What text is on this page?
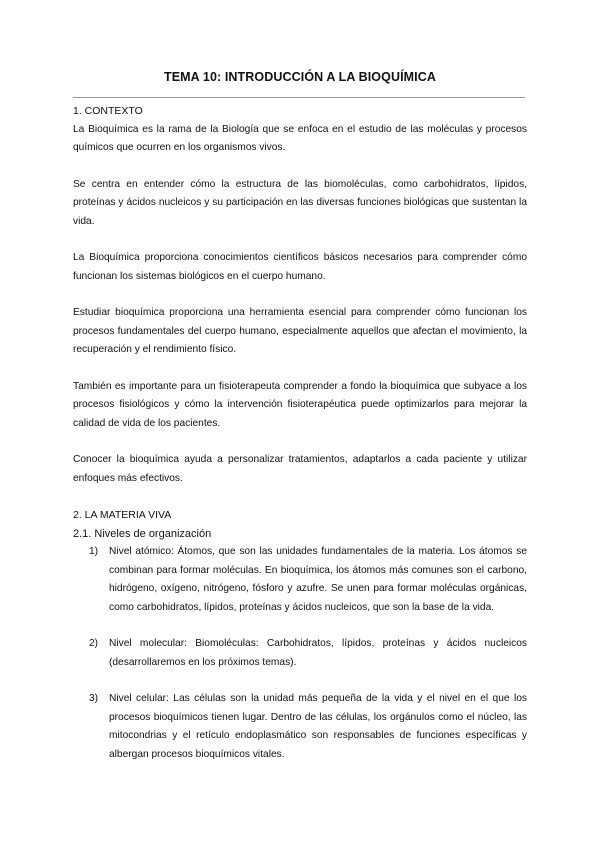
TEMA 10: INTRODUCCIÓN A LA BIOQUÍMICA

1. CONTEXTO

La Bioquímica es la rama de la Biología que se enfoca en el estudio de las moléculas y procesos químicos que ocurren en los organismos vivos.

Se centra en entender cómo la estructura de las biomoléculas, como carbohidratos, lípidos, proteínas y ácidos nucleicos y su participación en las diversas funciones biológicas que sustentan la vida.

La Bioquímica proporciona conocimientos científicos básicos necesarios para comprender cómo funcionan los sistemas biológicos en el cuerpo humano.

Estudiar bioquímica proporciona una herramienta esencial para comprender cómo funcionan los procesos fundamentales del cuerpo humano, especialmente aquellos que afectan el movimiento, la recuperación y el rendimiento físico.

También es importante para un fisioterapeuta comprender a fondo la bioquímica que subyace a los procesos fisiológicos y cómo la intervención fisioterapéutica puede optimizarlos para mejorar la calidad de vida de los pacientes.

Conocer la bioquímica ayuda a personalizar tratamientos, adaptarlos a cada paciente y utilizar enfoques más efectivos.

2. LA MATERIA VIVA

2.1. Niveles de organización

1) Nivel atómico: Átomos, que son las unidades fundamentales de la materia. Los átomos se combinan para formar moléculas. En bioquímica, los átomos más comunes son el carbono, hidrógeno, oxígeno, nitrógeno, fósforo y azufre. Se unen para formar moléculas orgánicas, como carbohidratos, lípidos, proteínas y ácidos nucleicos, que son la base de la vida.
2) Nivel molecular: Biomoléculas: Carbohidratos, lípidos, proteínas y ácidos nucleicos (desarrollaremos en los próximos temas).
3) Nivel celular: Las células son la unidad más pequeña de la vida y el nivel en el que los procesos bioquímicos tienen lugar. Dentro de las células, los orgánulos como el núcleo, las mitocondrias y el retículo endoplasmático son responsables de funciones específicas y albergan procesos bioquímicos vitales.
